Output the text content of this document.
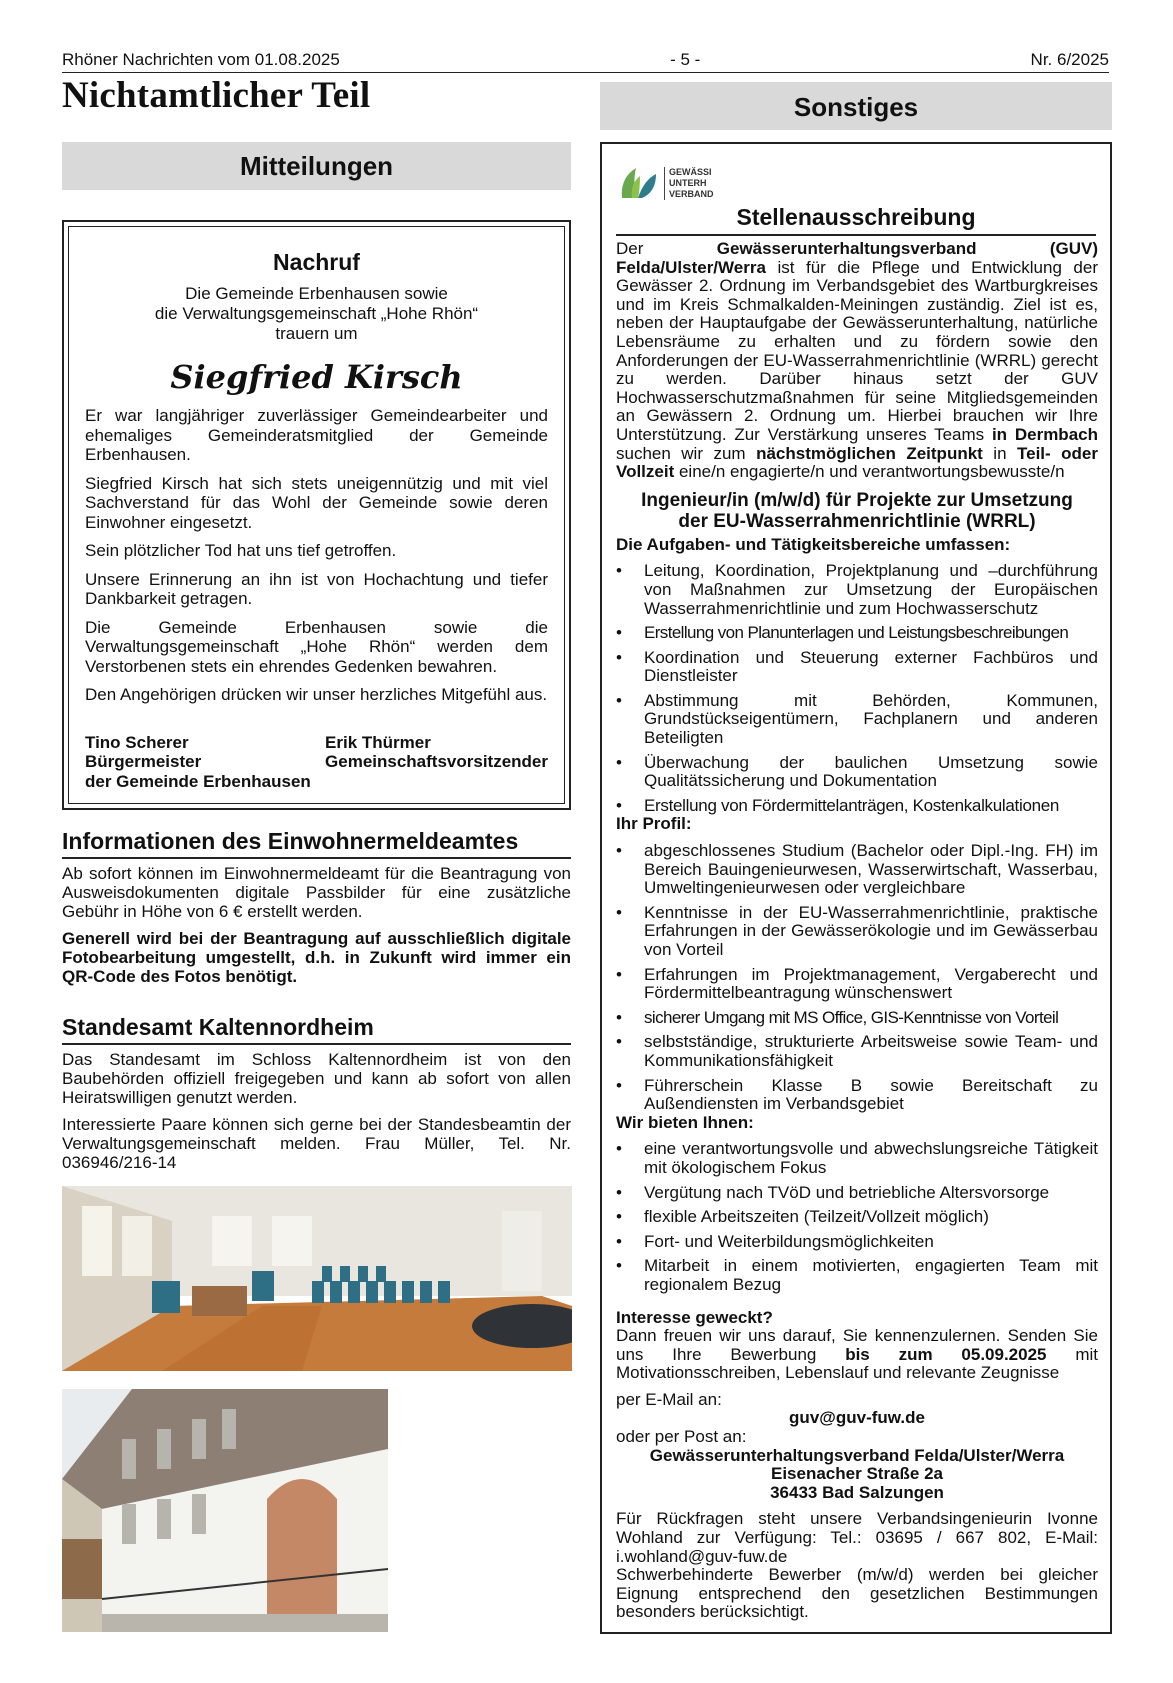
Rhöner Nachrichten vom 01.08.2025	- 5 -	Nr. 6/2025
Nichtamtlicher Teil
Mitteilungen
Sonstiges
Nachruf
Die Gemeinde Erbenhausen sowie
die Verwaltungsgemeinschaft „Hohe Rhön“
trauern um
Siegfried Kirsch

Er war langjähriger zuverlässiger Gemeindearbeiter und ehemaliges Gemeinderatsmitglied der Gemeinde Erbenhausen.

Siegfried Kirsch hat sich stets uneigennützig und mit viel Sachverstand für das Wohl der Gemeinde sowie deren Einwohner eingesetzt.

Sein plötzlicher Tod hat uns tief getroffen.

Unsere Erinnerung an ihn ist von Hochachtung und tiefer Dankbarkeit getragen.

Die Gemeinde Erbenhausen sowie die Verwaltungsgemeinschaft „Hohe Rhön“ werden dem Verstorbenen stets ein ehrendes Gedenken bewahren.

Den Angehörigen drücken wir unser herzliches Mitgefühl aus.

Tino Scherer
Bürgermeister
der Gemeinde Erbenhausen
Erik Thürmer
Gemeinschaftsvorsitzender
Informationen des Einwohnermeldeamtes

Ab sofort können im Einwohnermeldeamt für die Beantragung von Ausweisdokumenten digitale Passbilder für eine zusätzliche Gebühr in Höhe von 6 € erstellt werden.

Generell wird bei der Beantragung auf ausschließlich digitale Fotobearbeitung umgestellt, d.h. in Zukunft wird immer ein QR-Code des Fotos benötigt.

Standesamt Kaltennordheim

Das Standesamt im Schloss Kaltennordheim ist von den Baubehörden offiziell freigegeben und kann ab sofort von allen Heiratswilligen genutzt werden.

Interessierte Paare können sich gerne bei der Standesbeamtin der Verwaltungsgemeinschaft melden. Frau Müller, Tel. Nr. 036946/216-14

GEWÄSSI
UNTERH
VERBAND
Stellenausschreibung

Der Gewässerunterhaltungsverband (GUV) Felda/Ulster/Werra ist für die Pflege und Entwicklung der Gewässer 2. Ordnung im Verbandsgebiet des Wartburgkreises und im Kreis Schmalkalden-Meiningen zuständig. Ziel ist es, neben der Hauptaufgabe der Gewässerunterhaltung, natürliche Lebensräume zu erhalten und zu fördern sowie den Anforderungen der EU-Wasserrahmenrichtlinie (WRRL) gerecht zu werden. Darüber hinaus setzt der GUV Hochwasserschutzmaßnahmen für seine Mitgliedsgemeinden an Gewässern 2. Ordnung um. Hierbei brauchen wir Ihre Unterstützung. Zur Verstärkung unseres Teams in Dermbach suchen wir zum nächstmöglichen Zeitpunkt in Teil- oder Vollzeit eine/n engagierte/n und verantwortungsbewusste/n

Ingenieur/in (m/w/d) für Projekte zur Umsetzung
der EU-Wasserrahmenrichtlinie (WRRL)
Die Aufgaben- und Tätigkeitsbereiche umfassen:
• Leitung, Koordination, Projektplanung und –durchführung von Maßnahmen zur Umsetzung der Europäischen Wasserrahmenrichtlinie und zum Hochwasserschutz
• Erstellung von Planunterlagen und Leistungsbeschreibungen
• Koordination und Steuerung externer Fachbüros und Dienstleister
• Abstimmung mit Behörden, Kommunen, Grundstückseigentümern, Fachplanern und anderen Beteiligten
• Überwachung der baulichen Umsetzung sowie Qualitätssicherung und Dokumentation
• Erstellung von Fördermittelanträgen, Kostenkalkulationen
Ihr Profil:
• abgeschlossenes Studium (Bachelor oder Dipl.-Ing. FH) im Bereich Bauingenieurwesen, Wasserwirtschaft, Wasserbau, Umweltingenieurwesen oder vergleichbare
• Kenntnisse in der EU-Wasserrahmenrichtlinie, praktische Erfahrungen in der Gewässerökologie und im Gewässerbau von Vorteil
• Erfahrungen im Projektmanagement, Vergaberecht und Fördermittelbeantragung wünschenswert
• sicherer Umgang mit MS Office, GIS-Kenntnisse von Vorteil
• selbstständige, strukturierte Arbeitsweise sowie Team- und Kommunikationsfähigkeit
• Führerschein Klasse B sowie Bereitschaft zu Außendiensten im Verbandsgebiet
Wir bieten Ihnen:
• eine verantwortungsvolle und abwechslungsreiche Tätigkeit mit ökologischem Fokus
• Vergütung nach TVöD und betriebliche Altersvorsorge
• flexible Arbeitszeiten (Teilzeit/Vollzeit möglich)
• Fort- und Weiterbildungsmöglichkeiten
• Mitarbeit in einem motivierten, engagierten Team mit regionalem Bezug
Interesse geweckt?

Dann freuen wir uns darauf, Sie kennenzulernen. Senden Sie uns Ihre Bewerbung bis zum 05.09.2025 mit Motivationsschreiben, Lebenslauf und relevante Zeugnisse

per E-Mail an:
guv@guv-fuw.de
oder per Post an:
Gewässerunterhaltungsverband Felda/Ulster/Werra
Eisenacher Straße 2a
36433 Bad Salzungen

Für Rückfragen steht unsere Verbandsingenieurin Ivonne Wohland zur Verfügung: Tel.: 03695 / 667 802, E-Mail: i.wohland@guv-fuw.de

Schwerbehinderte Bewerber (m/w/d) werden bei gleicher Eignung entsprechend den gesetzlichen Bestimmungen besonders berücksichtigt.
